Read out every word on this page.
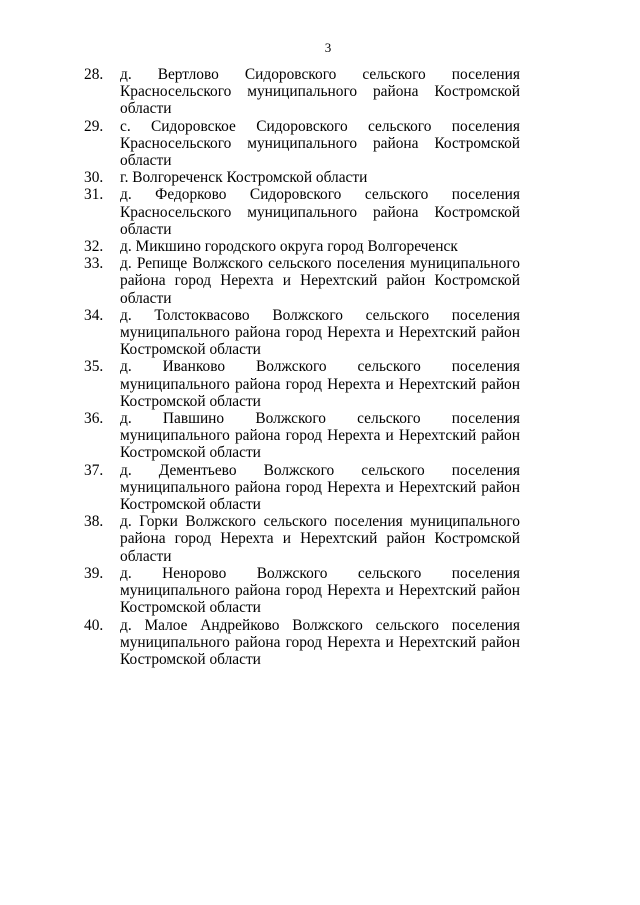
3
28.	д. Вертлово Сидоровского сельского поселения Красносельского муниципального района Костромской области
29.	с. Сидоровское Сидоровского сельского поселения Красносельского муниципального района Костромской области
30.	г. Волгореченск Костромской области
31.	д. Федорково Сидоровского сельского поселения Красносельского муниципального района Костромской области
32.	д. Микшино городского округа город Волгореченск
33.	д. Репище Волжского сельского поселения муниципального района город Нерехта и Нерехтский район Костромской области
34.	д. Толстоквасово Волжского сельского поселения муниципального района город Нерехта и Нерехтский район Костромской области
35.	д. Иванково Волжского сельского поселения муниципального района город Нерехта и Нерехтский район Костромской области
36.	д. Павшино Волжского сельского поселения муниципального района город Нерехта и Нерехтский район Костромской области
37.	д. Дементьево Волжского сельского поселения муниципального района город Нерехта и Нерехтский район Костромской области
38.	д. Горки Волжского сельского поселения муниципального района город Нерехта и Нерехтский район Костромской области
39.	д. Ненорово Волжского сельского поселения муниципального района город Нерехта и Нерехтский район Костромской области
40.	д. Малое Андрейково Волжского сельского поселения муниципального района город Нерехта и Нерехтский район Костромской области
